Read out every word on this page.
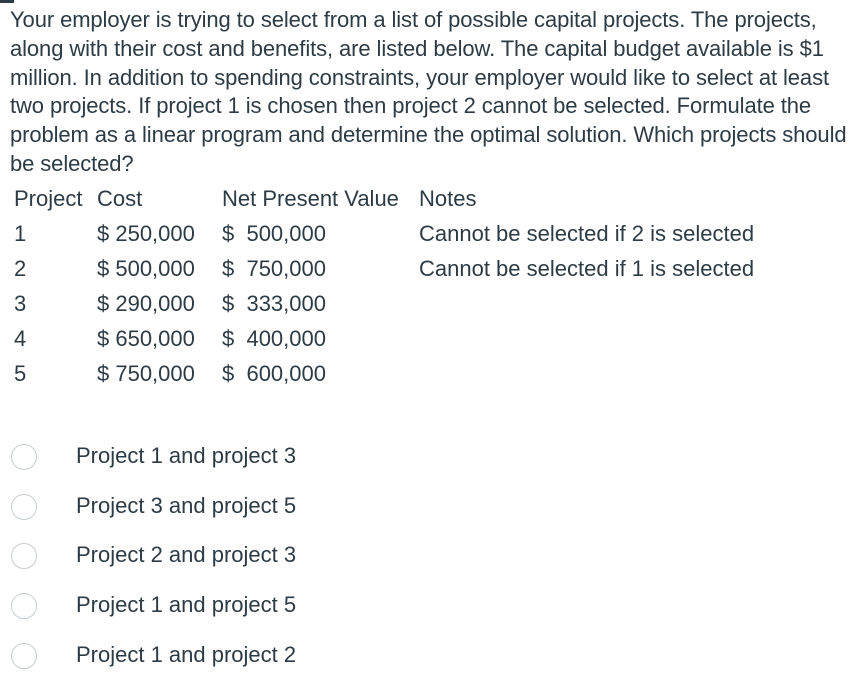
Your employer is trying to select from a list of possible capital projects. The projects, along with their cost and benefits, are listed below. The capital budget available is $1 million. In addition to spending constraints, your employer would like to select at least two projects. If project 1 is chosen then project 2 cannot be selected. Formulate the problem as a linear program and determine the optimal solution. Which projects should be selected?
Project Cost	Net Present Value Notes
1	$ 250,000 $  500,000	Cannot be selected if 2 is selected
2	$ 500,000 $  750,000	Cannot be selected if 1 is selected
3	$ 290,000 $  333,000
4	$ 650,000 $  400,000
5	$ 750,000 $  600,000
Project 1 and project 3
Project 3 and project 5
Project 2 and project 3
Project 1 and project 5
Project 1 and project 2
